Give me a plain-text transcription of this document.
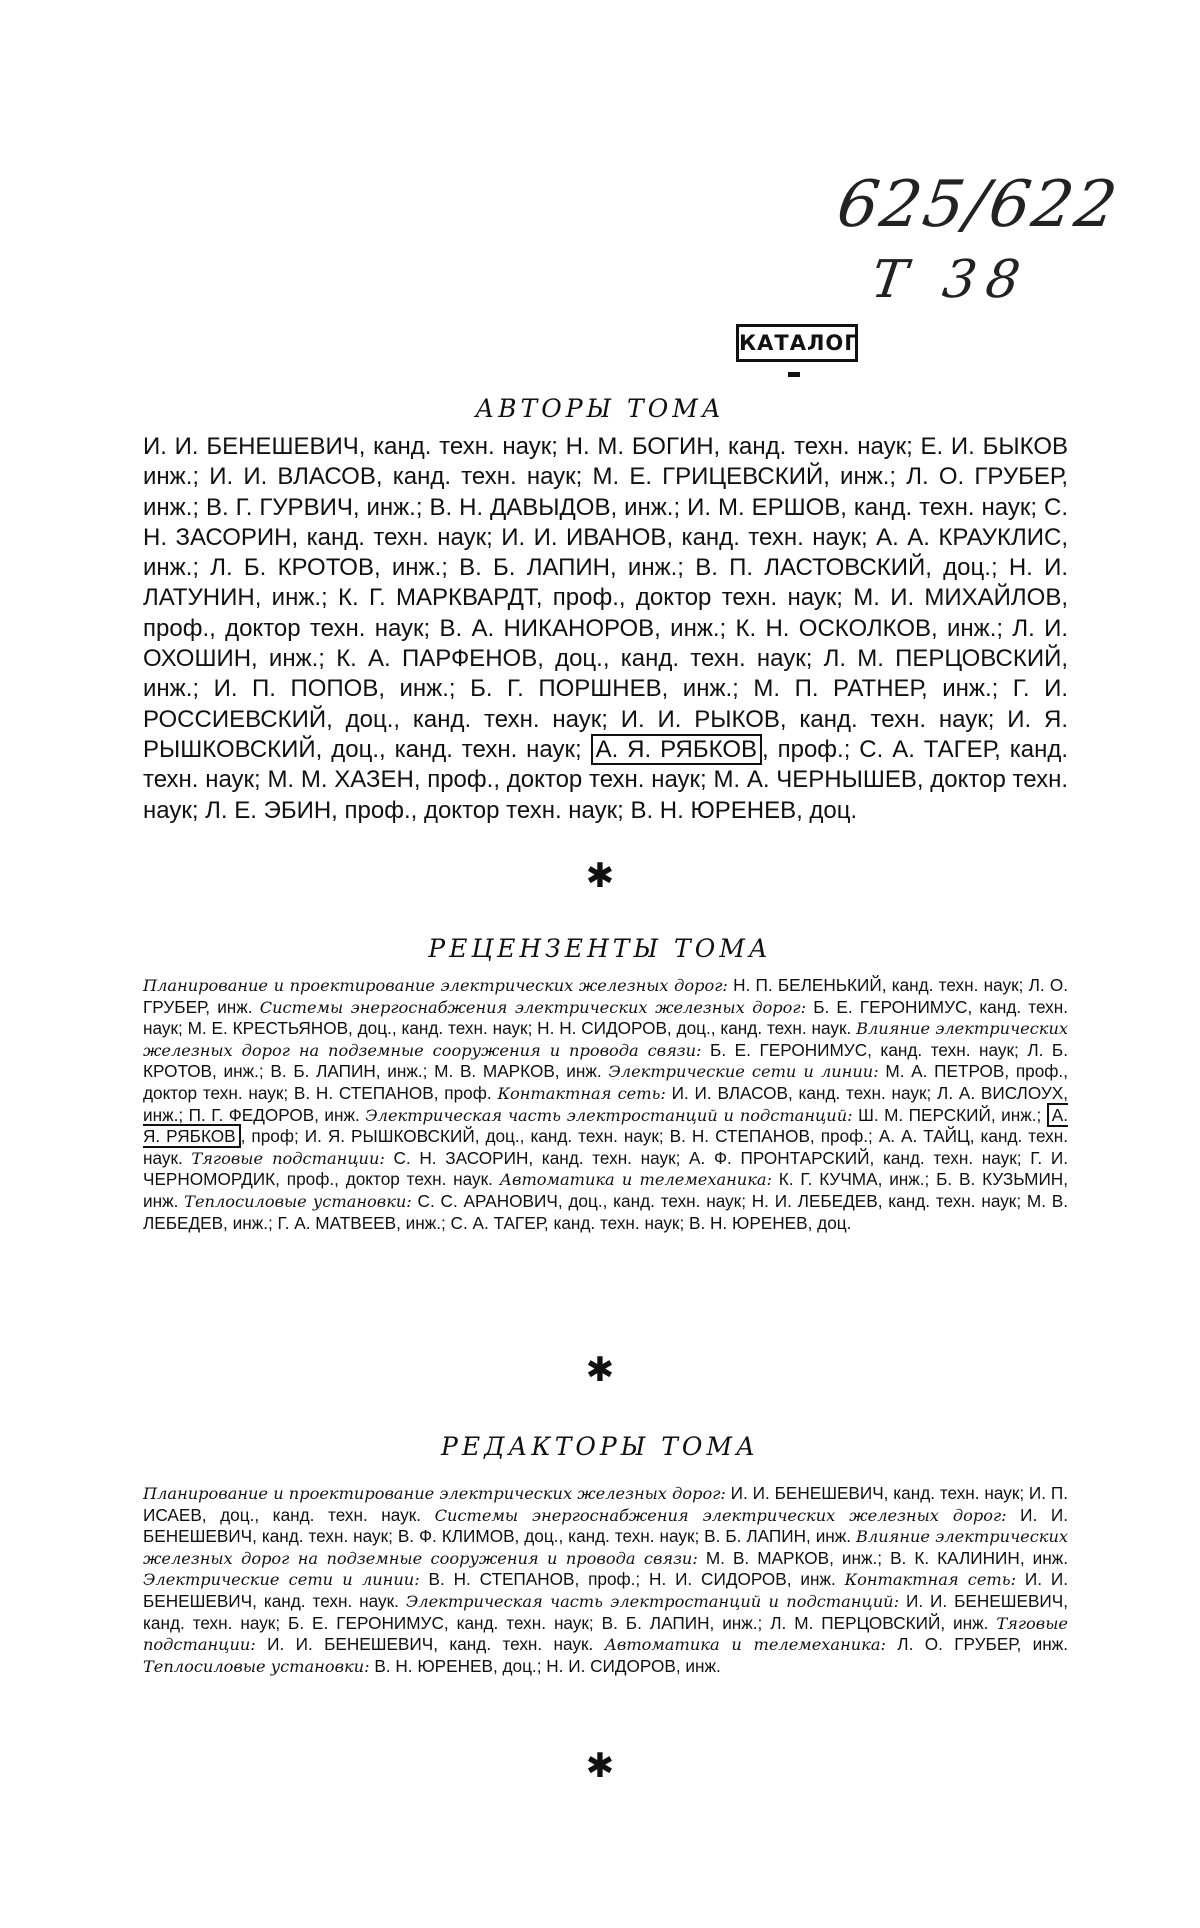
625/622
Т 38
КАТАЛОГ
АВТОРЫ ТОМА
И. И. БЕНЕШЕВИЧ, канд. техн. наук; Н. М. БОГИН, канд. техн. наук; Е. И. БЫКОВ инж.; И. И. ВЛАСОВ, канд. техн. наук; М. Е. ГРИЦЕВСКИЙ, инж.; Л. О. ГРУБЕР, инж.; В. Г. ГУРВИЧ, инж.; В. Н. ДАВЫДОВ, инж.; И. М. ЕРШОВ, канд. техн. наук; С. Н. ЗАСОРИН, канд. техн. наук; И. И. ИВАНОВ, канд. техн. наук; А. А. КРАУКЛИС, инж.; Л. Б. КРОТОВ, инж.; В. Б. ЛАПИН, инж.; В. П. ЛАСТОВСКИЙ, доц.; Н. И. ЛАТУНИН, инж.; К. Г. МАРКВАРДТ, проф., доктор техн. наук; М. И. МИХАЙЛОВ, проф., доктор техн. наук; В. А. НИКАНОРОВ, инж.; К. Н. ОСКОЛКОВ, инж.; Л. И. ОХОШИН, инж.; К. А. ПАРФЕНОВ, доц., канд. техн. наук; Л. М. ПЕРЦОВСКИЙ, инж.; И. П. ПОПОВ, инж.; Б. Г. ПОРШНЕВ, инж.; М. П. РАТНЕР, инж.; Г. И. РОССИЕВСКИЙ, доц., канд. техн. наук; И. И. РЫКОВ, канд. техн. наук; И. Я. РЫШКОВСКИЙ, доц., канд. техн. наук; А. Я. РЯБКОВ , проф.; С. А. ТАГЕР, канд. техн. наук; М. М. ХАЗЕН, проф., доктор техн. наук; М. А. ЧЕРНЫШЕВ, доктор техн. наук; Л. Е. ЭБИН, проф., доктор техн. наук; В. Н. ЮРЕНЕВ, доц.
✱
РЕЦЕНЗЕНТЫ ТОМА
Планирование и проектирование электрических железных дорог: Н. П. БЕЛЕНЬКИЙ, канд. техн. наук; Л. О. ГРУБЕР, инж. Системы энергоснабжения электрических железных дорог: Б. Е. ГЕРОНИМУС, канд. техн. наук; М. Е. КРЕСТЬЯНОВ, доц., канд. техн. наук; Н. Н. СИДОРОВ, доц., канд. техн. наук. Влияние электрических железных дорог на подземные сооружения и провода связи: Б. Е. ГЕРОНИМУС, канд. техн. наук; Л. Б. КРОТОВ, инж.; В. Б. ЛАПИН, инж.; М. В. МАРКОВ, инж. Электрические сети и линии: М. А. ПЕТРОВ, проф., доктор техн. наук; В. Н. СТЕПАНОВ, проф. Контактная сеть: И. И. ВЛАСОВ, канд. техн. наук; Л. А. ВИСЛОУХ, инж.; П. Г. ФЕДОРОВ, инж. Электрическая часть электростанций и подстанций: Ш. М. ПЕРСКИЙ, инж.; А. Я. РЯБКОВ , проф; И. Я. РЫШКОВСКИЙ, доц., канд. техн. наук; В. Н. СТЕПАНОВ, проф.; А. А. ТАЙЦ, канд. техн. наук. Тяговые подстанции: С. Н. ЗАСОРИН, канд. техн. наук; А. Ф. ПРОНТАРСКИЙ, канд. техн. наук; Г. И. ЧЕРНОМОРДИК, проф., доктор техн. наук. Автоматика и телемеханика: К. Г. КУЧМА, инж.; Б. В. КУЗЬМИН, инж. Теплосиловые установки: С. С. АРАНОВИЧ, доц., канд. техн. наук; Н. И. ЛЕБЕДЕВ, канд. техн. наук; М. В. ЛЕБЕДЕВ, инж.; Г. А. МАТВЕЕВ, инж.; С. А. ТАГЕР, канд. техн. наук; В. Н. ЮРЕНЕВ, доц.
✱
РЕДАКТОРЫ ТОМА
Планирование и проектирование электрических железных дорог: И. И. БЕНЕШЕВИЧ, канд. техн. наук; И. П. ИСАЕВ, доц., канд. техн. наук. Системы энергоснабжения электрических железных дорог: И. И. БЕНЕШЕВИЧ, канд. техн. наук; В. Ф. КЛИМОВ, доц., канд. техн. наук; В. Б. ЛАПИН, инж. Влияние электрических железных дорог на подземные сооружения и провода связи: М. В. МАРКОВ, инж.; В. К. КАЛИНИН, инж. Электрические сети и линии: В. Н. СТЕПАНОВ, проф.; Н. И. СИДОРОВ, инж. Контактная сеть: И. И. БЕНЕШЕВИЧ, канд. техн. наук. Электрическая часть электростанций и подстанций: И. И. БЕНЕШЕВИЧ, канд. техн. наук; Б. Е. ГЕРОНИМУС, канд. техн. наук; В. Б. ЛАПИН, инж.; Л. М. ПЕРЦОВСКИЙ, инж. Тяговые подстанции: И. И. БЕНЕШЕВИЧ, канд. техн. наук. Автоматика и телемеханика: Л. О. ГРУБЕР, инж. Теплосиловые установки: В. Н. ЮРЕНЕВ, доц.; Н. И. СИДОРОВ, инж.
✱
